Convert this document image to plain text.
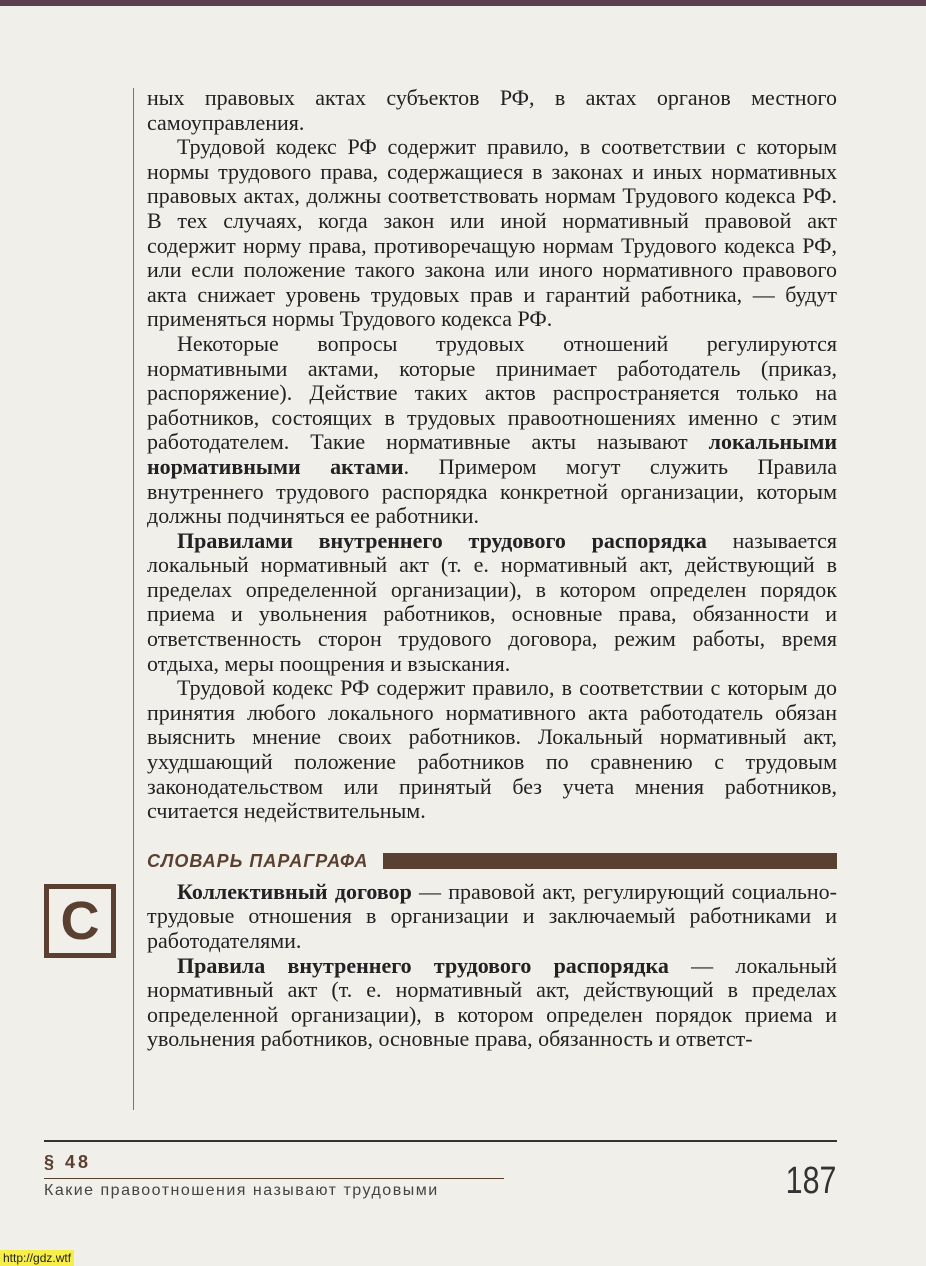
С

ных правовых актах субъектов РФ, в актах органов местного самоуправления.

Трудовой кодекс РФ содержит правило, в соответствии с которым нормы трудового права, содержащиеся в законах и иных нормативных правовых актах, должны соответствовать нормам Трудового кодекса РФ. В тех случаях, когда закон или иной нормативный правовой акт содержит норму права, противоречащую нормам Трудового кодекса РФ, или если положение такого закона или иного нормативного правового акта снижает уровень трудовых прав и гарантий работника, — будут применяться нормы Трудового кодекса РФ.

Некоторые вопросы трудовых отношений регулируются нормативными актами, которые принимает работодатель (приказ, распоряжение). Действие таких актов распространяется только на работников, состоящих в трудовых правоотношениях именно с этим работодателем. Такие нормативные акты называют локальными нормативными актами. Примером могут служить Правила внутреннего трудового распорядка конкретной организации, которым должны подчиняться ее работники.

Правилами внутреннего трудового распорядка называется локальный нормативный акт (т. е. нормативный акт, действующий в пределах определенной организации), в котором определен порядок приема и увольнения работников, основные права, обязанности и ответственность сторон трудового договора, режим работы, время отдыха, меры поощрения и взыскания.

Трудовой кодекс РФ содержит правило, в соответствии с которым до принятия любого локального нормативного акта работодатель обязан выяснить мнение своих работников. Локальный нормативный акт, ухудшающий положение работников по сравнению с трудовым законодательством или принятый без учета мнения работников, считается недействительным.

СЛОВАРЬ ПАРАГРАФА

Коллективный договор — правовой акт, регулирующий социально-трудовые отношения в организации и заключаемый работниками и работодателями.

Правила внутреннего трудового распорядка — локальный нормативный акт (т. е. нормативный акт, действующий в пределах определенной организации), в котором определен порядок приема и увольнения работников, основные права, обязанность и ответст-

§ 48
Какие правоотношения называют трудовыми	187
http://gdz.wtf
